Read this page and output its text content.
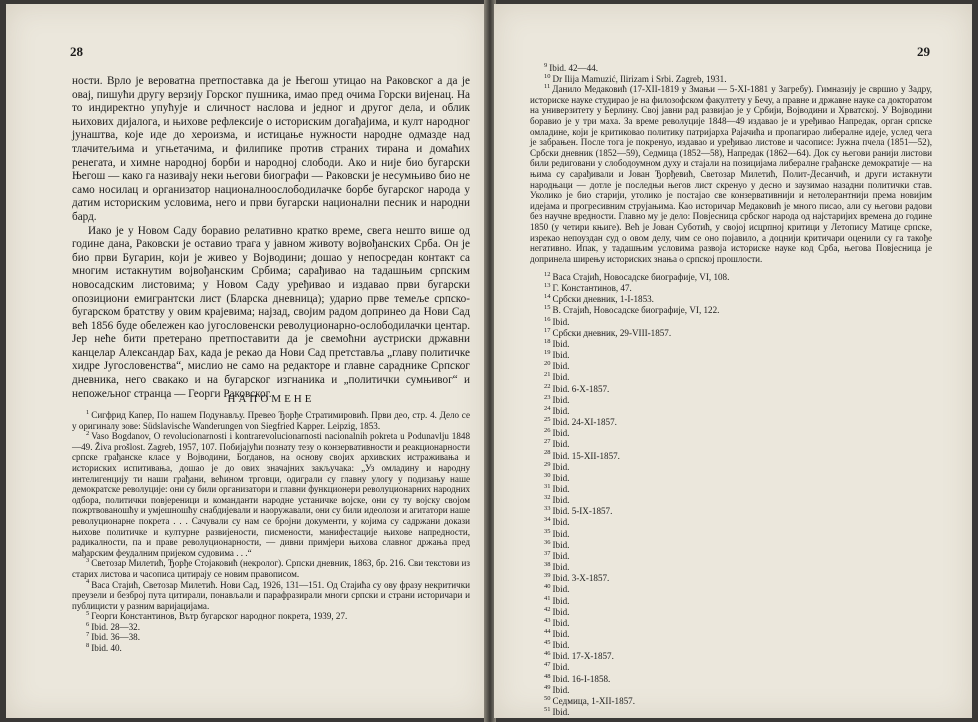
28

ности. Врло је вероватна претпоставка да је Његош утицао на Раковског а да је овај, пишући другу верзију Горског пушника, имао пред очима Горски вијенац. На то индиректно упућује и сличност наслова и једног и другог дела, и облик њихових дијалога, и њихове рефлексије о историским догађајима, и култ народног јунаштва, које иде до хероизма, и истицање нужности народне одмазде над тлачитељима и угњетачима, и филипике против страних тирана и домаћих ренегата, и химне народној борби и народној слободи. Ако и није био бугарски Његош — како га називају неки његови биографи — Раковски је несумњиво био не само носилац и организатор националноослободилачке борбе бугарског народа у датим историским условима, него и први бугарски национални песник и народни бард.

Иако је у Новом Саду боравио релативно кратко време, свега нешто више од године дана, Раковски је оставио трага у јавном животу војвођанских Срба. Он је био први Бугарин, који је живео у Војводини; дошао у непосредан контакт са многим истакнутим војвођанским Србима; сарађивао на тадашњим српским новосадским листовима; у Новом Саду уређивао и издавао први бугарски опозициони емигрантски лист (Бларска дневница); ударио прве темеље српско-бугарском братству у овим крајевима; најзад, својим радом допринео да Нови Сад већ 1856 буде обележен као југословенски револуционарно-ослободилачки центар. Јер неће бити претерано претпоставити да је свемоћни аустриски државни канцелар Александар Бах, када је рекао да Нови Сад претставља „главу политичке хидре Југословенства“, мислио не само на редакторе и главне сараднике Српског дневника, него свакако и на бугарског изгнаника и „политички сумњивог“ и непожељног странца — Георги Раковског.

НАПОМЕНЕ

$^1$ Сигфрид Капер, По нашем Подунављу. Превео Ђорђе Стратимировић. Први део, стр. 4. Дело се у оригиналу зове: Südslavische Wanderungen von Siegfried Kapper. Leipzig, 1853.

$^2$ Vaso Bogdanov, O revolucionarnosti i kontrarevolucionarnosti nacionalnih pokreta u Podunavlju 1848—49. Živa prošlost. Zagreb, 1957, 107. Побијајући познату тезу о конзервативности и реакционарности српске грађанске класе у Војводини, Богданов, на основу својих архивских истраживања и историских испитивања, дошао је до ових значајних закључака: „Уз омладину и народну интелигенцију ти наши грађани, већином трговци, одиграли су главну улогу у подизању наше демократске револуције: они су били организатори и главни функционери револуционарних народних одбора, политички повјереници и команданти народне устаничке војске, они су ту војску својом пожртвованошћу и умјешношћу снабдијевали и наоружавали, они су били идеолози и агитатори наше револуционарне покрета . . . Сачували су нам се бројни документи, у којима су садржани докази њихове политичке и културне развијености, писмености, манифестације њихове напредности, радикалности, па и праве револуционарности, — дивни примјери њихова славног држања пред мађарским феудалним пријеком судовима . . .“

$^3$ Светозар Милетић, Ђорђе Стојаковић (некролог). Српски дневник, 1863, бр. 216. Сви текстови из старих листова и часописа цитирају се новим правописом.

$^4$ Васа Стајић, Светозар Милетић. Нови Сад, 1926, 131—151. Од Стајића су ову фразу некритички преузели и безброј пута цитирали, понављали и парафразирали многи српски и страни историчари и публицисти у разним варијацијама.

$^5$ Георги Константинов, Вътр бугарског народног покрета, 1939, 27.

$^6$ Ibid. 28—32.

$^7$ Ibid. 36—38.

$^8$ Ibid. 40.

29

$^9$ Ibid. 42—44.

$^{10}$ Dr Ilija Mamuzić, Ilirizam i Srbi. Zagreb, 1931.

$^{11}$ Данило Медаковић (17-XII-1819 у Змањи — 5-XI-1881 у Загребу). Гимназију је свршио у Задру, историске науке студирао је на филозофском факултету у Бечу, а правне и државне науке са докторатом на универзитету у Берлину. Свој јавни рад развијао је у Србији, Војводини и Хрватској. У Војводини боравио је у три маха. За време револуције 1848—49 издавао је и уређивао Напредак, орган српске омладине, који је критиковао политику патријарха Рајачића и пропагирао либералне идеје, услед чега је забрањен. После тога је покренуо, издавао и уређивао листове и часописе: Јужна пчела (1851—52), Србски дневник (1852—59), Седмица (1852—58), Напредак (1862—64). Док су његови ранији листови били редиговани у слободоумном духу и стајали на позицијама либералне грађанске демократије — на њима су сарађивали и Јован Ђорђевић, Светозар Милетић, Полит-Десанчић, и други истакнути народњаци — дотле је последњи његов лист скренуо у десно и заузимао назадни политички став. Уколико је био старији, утолико је постајао све конзервативнији и нетолерантнији према новијим идејама и прогресивним струјањима. Као историчар Медаковић је много писао, али су његови радови без научне вредности. Главно му је дело: Повјесница србског народа од најстаријих времена до године 1850 (у четири књиге). Већ је Јован Суботић, у својој исцрпној критици у Летопису Матице српске, изрекао непоуздан суд о овом делу, чим се оно појавило, а доцнији критичари оценили су га такође негативно. Ипак, у тадашњим условима развоја историске науке код Срба, његова Повјесница је допринела ширењу историских знања о српској прошлости.

$^{12}$ Васа Стајић, Новосадске биографије, VI, 108.
$^{13}$ Г. Константинов, 47.
$^{14}$ Србски дневник, 1-I-1853.
$^{15}$ В. Стајић, Новосадске биографије, VI, 122.
$^{16}$ Ibid.
$^{17}$ Србски дневник, 29-VIII-1857.
$^{18}$ Ibid.
$^{19}$ Ibid.
$^{20}$ Ibid.
$^{21}$ Ibid.
$^{22}$ Ibid. 6-X-1857.
$^{23}$ Ibid.
$^{24}$ Ibid.
$^{25}$ Ibid. 24-XI-1857.
$^{26}$ Ibid.
$^{27}$ Ibid.
$^{28}$ Ibid. 15-XII-1857.
$^{29}$ Ibid.
$^{30}$ Ibid.
$^{31}$ Ibid.
$^{32}$ Ibid.
$^{33}$ Ibid. 5-IX-1857.
$^{34}$ Ibid.
$^{35}$ Ibid.
$^{36}$ Ibid.
$^{37}$ Ibid.
$^{38}$ Ibid.
$^{39}$ Ibid. 3-X-1857.
$^{40}$ Ibid.
$^{41}$ Ibid.
$^{42}$ Ibid.
$^{43}$ Ibid.
$^{44}$ Ibid.
$^{45}$ Ibid.
$^{46}$ Ibid. 17-X-1857.
$^{47}$ Ibid.
$^{48}$ Ibid. 16-I-1858.
$^{49}$ Ibid.
$^{50}$ Седмица, 1-XII-1857.
$^{51}$ Ibid.
